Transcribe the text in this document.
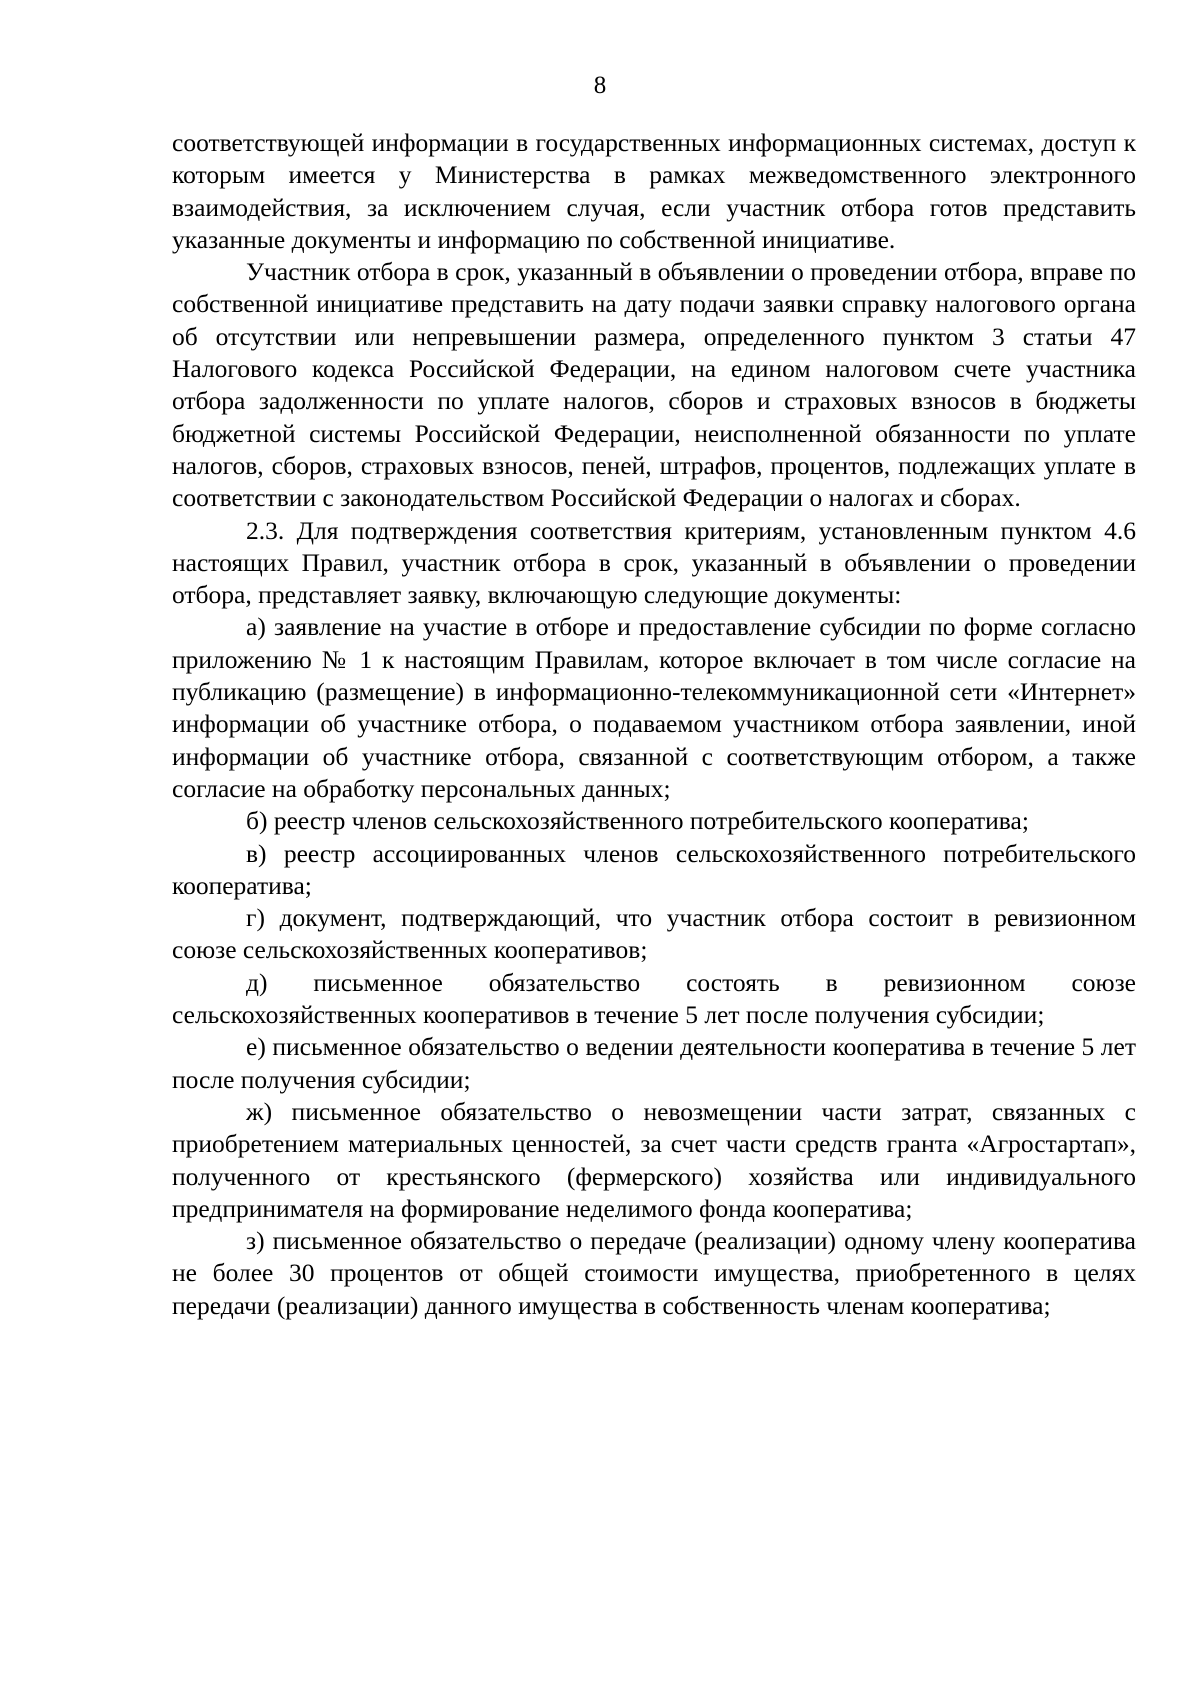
8

соответствующей информации в государственных информационных системах, доступ к которым имеется у Министерства в рамках межведомственного электронного взаимодействия, за исключением случая, если участник отбора готов представить указанные документы и информацию по собственной инициативе.

Участник отбора в срок, указанный в объявлении о проведении отбора, вправе по собственной инициативе представить на дату подачи заявки справку налогового органа об отсутствии или непревышении размера, определенного пунктом 3 статьи 47 Налогового кодекса Российской Федерации, на едином налоговом счете участника отбора задолженности по уплате налогов, сборов и страховых взносов в бюджеты бюджетной системы Российской Федерации, неисполненной обязанности по уплате налогов, сборов, страховых взносов, пеней, штрафов, процентов, подлежащих уплате в соответствии с законодательством Российской Федерации о налогах и сборах.

2.3. Для подтверждения соответствия критериям, установленным пунктом 4.6 настоящих Правил, участник отбора в срок, указанный в объявлении о проведении отбора, представляет заявку, включающую следующие документы:

а) заявление на участие в отборе и предоставление субсидии по форме согласно приложению № 1 к настоящим Правилам, которое включает в том числе согласие на публикацию (размещение) в информационно-телекоммуникационной сети «Интернет» информации об участнике отбора, о подаваемом участником отбора заявлении, иной информации об участнике отбора, связанной с соответствующим отбором, а также согласие на обработку персональных данных;

б) реестр членов сельскохозяйственного потребительского кооператива;

в) реестр ассоциированных членов сельскохозяйственного потребительского кооператива;

г) документ, подтверждающий, что участник отбора состоит в ревизионном союзе сельскохозяйственных кооперативов;

д) письменное обязательство состоять в ревизионном союзе сельскохозяйственных кооперативов в течение 5 лет после получения субсидии;

е) письменное обязательство о ведении деятельности кооператива в течение 5 лет после получения субсидии;

ж) письменное обязательство о невозмещении части затрат, связанных с приобретением материальных ценностей, за счет части средств гранта «Агростартап», полученного от крестьянского (фермерского) хозяйства или индивидуального предпринимателя на формирование неделимого фонда кооператива;

з) письменное обязательство о передаче (реализации) одному члену кооператива не более 30 процентов от общей стоимости имущества, приобретенного в целях передачи (реализации) данного имущества в собственность членам кооператива;
